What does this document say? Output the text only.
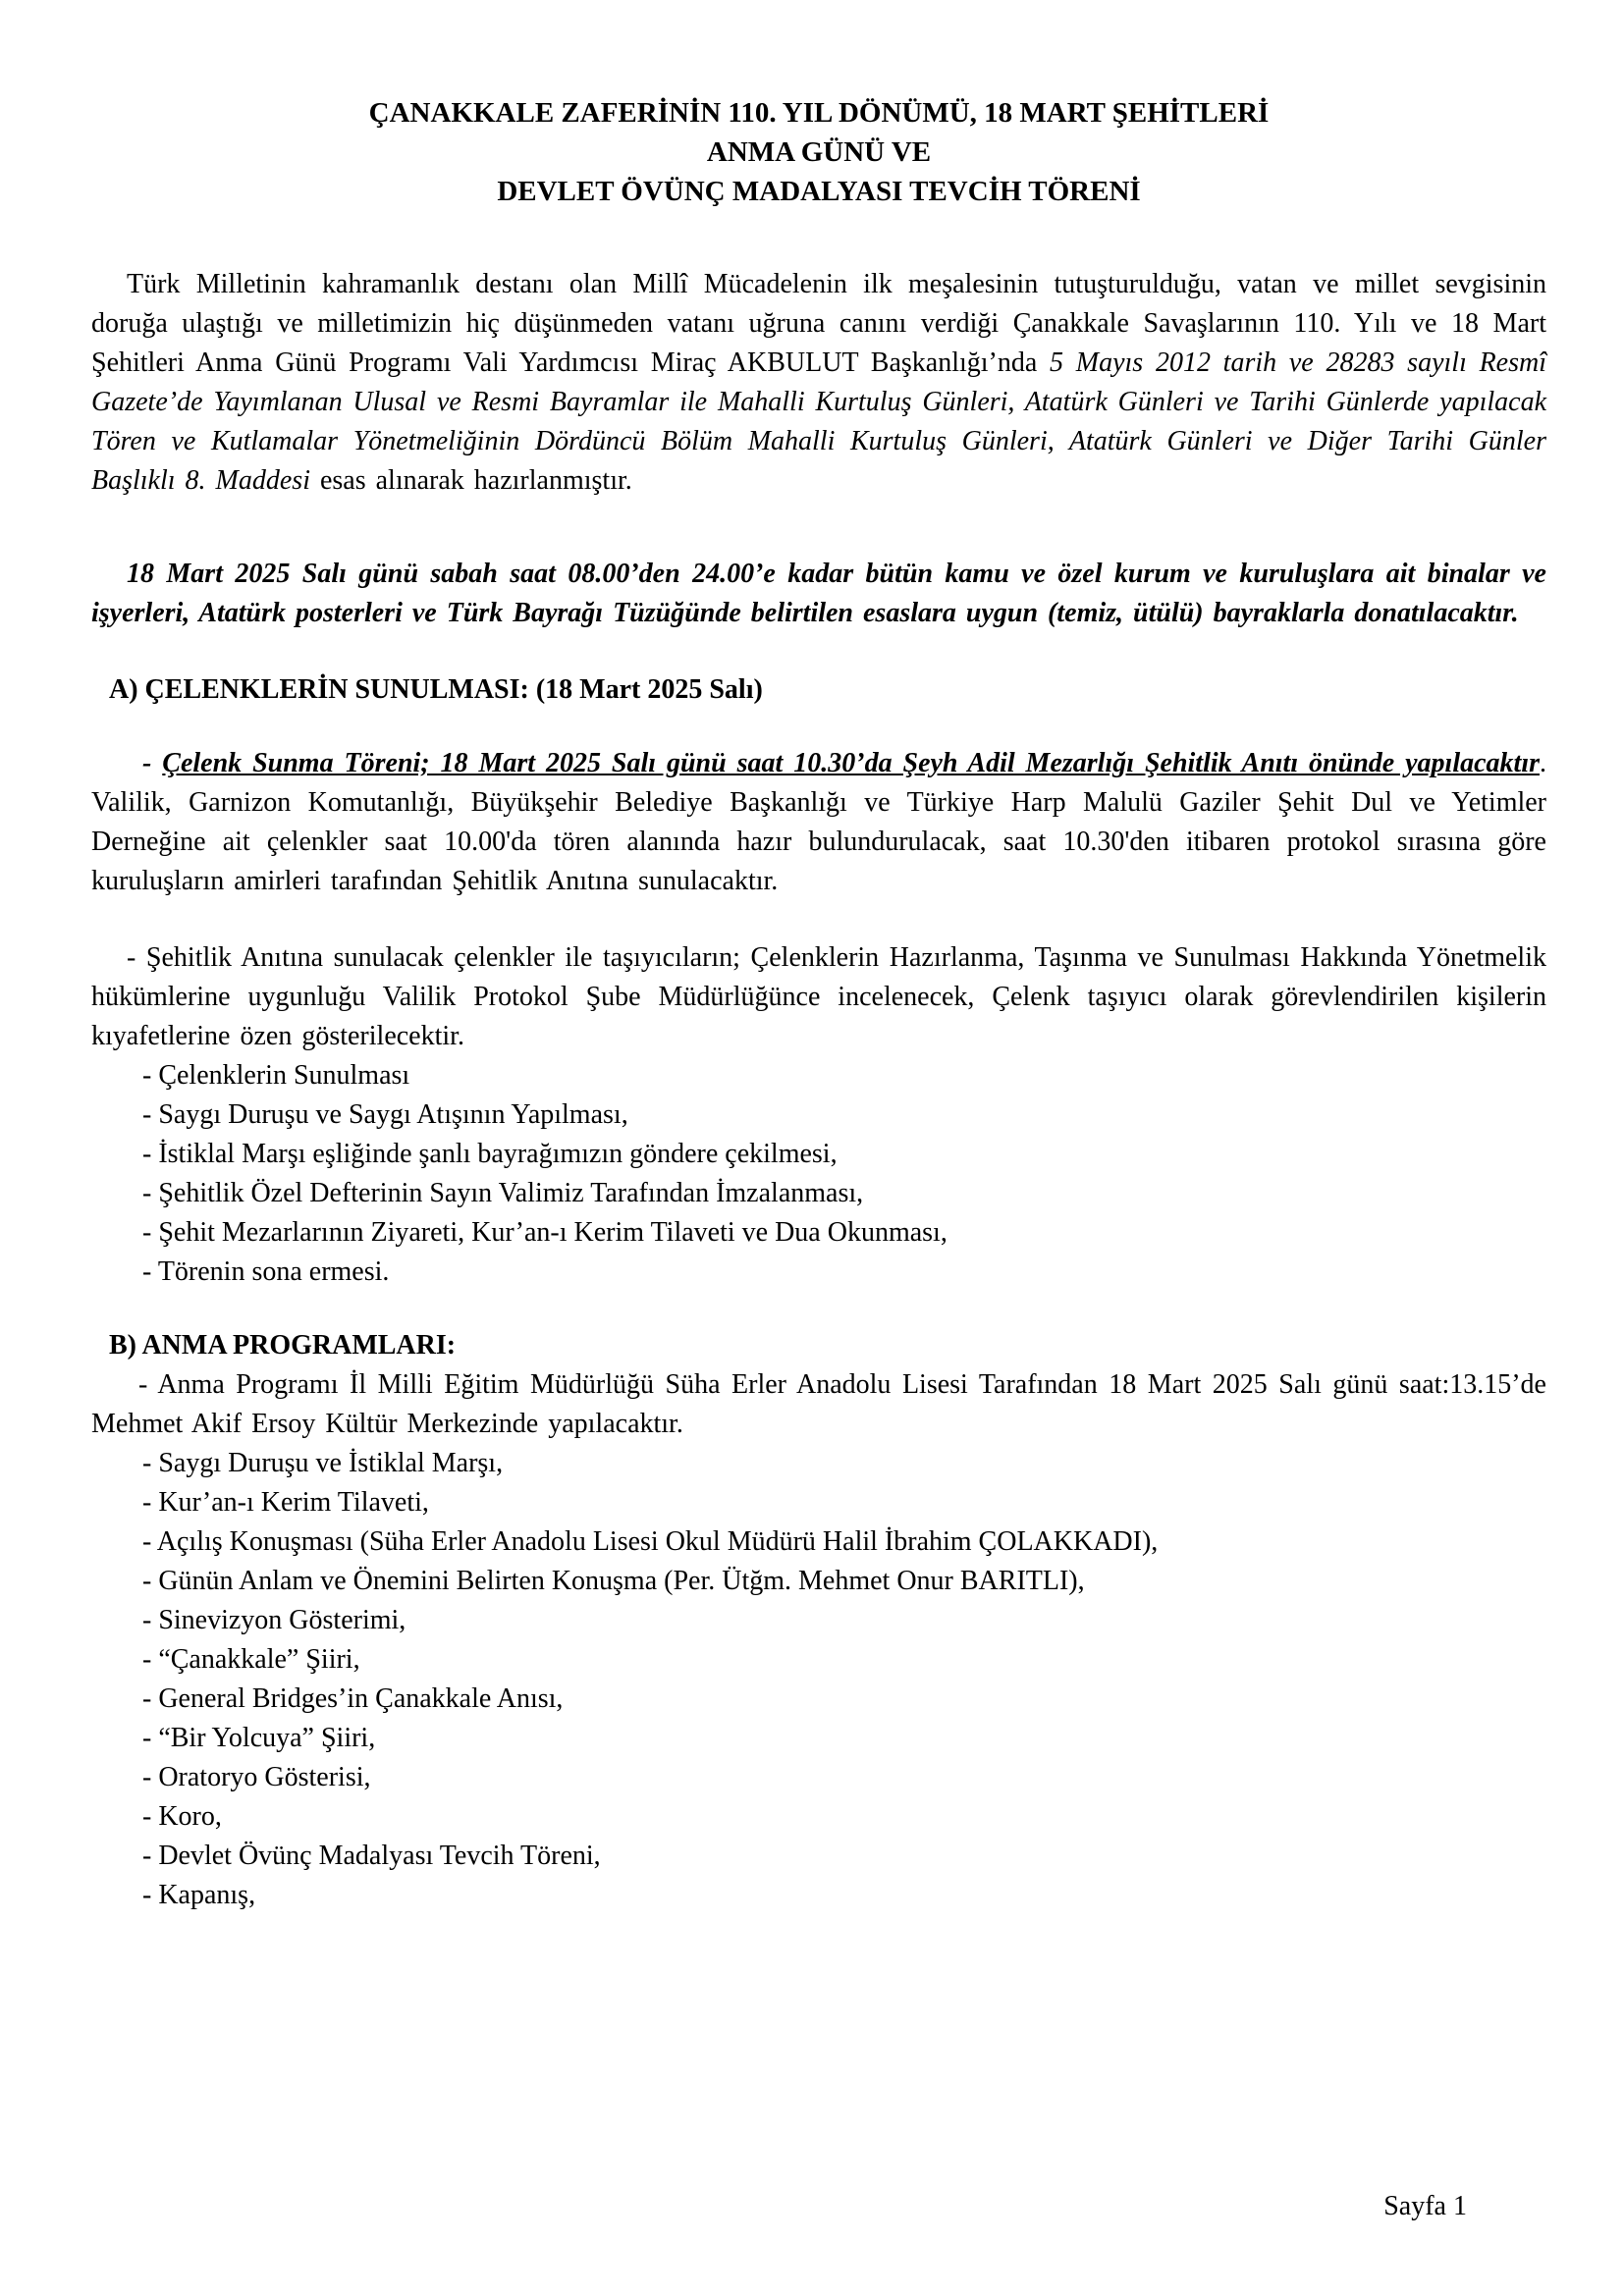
ÇANAKKALE ZAFERİNİN 110. YIL DÖNÜMÜ, 18 MART ŞEHİTLERİ
ANMA GÜNÜ VE
DEVLET ÖVÜNÇ MADALYASI TEVCİH TÖRENİ

Türk Milletinin kahramanlık destanı olan Millî Mücadelenin ilk meşalesinin tutuşturulduğu, vatan ve millet sevgisinin doruğa ulaştığı ve milletimizin hiç düşünmeden vatanı uğruna canını verdiği Çanakkale Savaşlarının 110. Yılı ve 18 Mart Şehitleri Anma Günü Programı Vali Yardımcısı Miraç AKBULUT Başkanlığı’nda 5 Mayıs 2012 tarih ve 28283 sayılı Resmî Gazete’de Yayımlanan Ulusal ve Resmi Bayramlar ile Mahalli Kurtuluş Günleri, Atatürk Günleri ve Tarihi Günlerde yapılacak Tören ve Kutlamalar Yönetmeliğinin Dördüncü Bölüm Mahalli Kurtuluş Günleri, Atatürk Günleri ve Diğer Tarihi Günler Başlıklı 8. Maddesi esas alınarak hazırlanmıştır.

18 Mart 2025 Salı günü sabah saat 08.00’den 24.00’e kadar bütün kamu ve özel kurum ve kuruluşlara ait binalar ve işyerleri, Atatürk posterleri ve Türk Bayrağı Tüzüğünde belirtilen esaslara uygun (temiz, ütülü) bayraklarla donatılacaktır.

A) ÇELENKLERİN SUNULMASI: (18 Mart 2025 Salı)

- Çelenk Sunma Töreni; 18 Mart 2025 Salı günü saat 10.30’da Şeyh Adil Mezarlığı Şehitlik Anıtı önünde yapılacaktır. Valilik, Garnizon Komutanlığı, Büyükşehir Belediye Başkanlığı ve Türkiye Harp Malulü Gaziler Şehit Dul ve Yetimler Derneğine ait çelenkler saat 10.00'da tören alanında hazır bulundurulacak, saat 10.30'den itibaren protokol sırasına göre kuruluşların amirleri tarafından Şehitlik Anıtına sunulacaktır.

- Şehitlik Anıtına sunulacak çelenkler ile taşıyıcıların; Çelenklerin Hazırlanma, Taşınma ve Sunulması Hakkında Yönetmelik hükümlerine uygunluğu Valilik Protokol Şube Müdürlüğünce incelenecek, Çelenk taşıyıcı olarak görevlendirilen kişilerin kıyafetlerine özen gösterilecektir.

- Çelenklerin Sunulması
- Saygı Duruşu ve Saygı Atışının Yapılması,
- İstiklal Marşı eşliğinde şanlı bayrağımızın göndere çekilmesi,
- Şehitlik Özel Defterinin Sayın Valimiz Tarafından İmzalanması,
- Şehit Mezarlarının Ziyareti, Kur’an-ı Kerim Tilaveti ve Dua Okunması,
- Törenin sona ermesi.
B) ANMA PROGRAMLARI:

- Anma Programı İl Milli Eğitim Müdürlüğü Süha Erler Anadolu Lisesi Tarafından 18 Mart 2025 Salı günü saat:13.15’de Mehmet Akif Ersoy Kültür Merkezinde yapılacaktır.

- Saygı Duruşu ve İstiklal Marşı,
- Kur’an-ı Kerim Tilaveti,
- Açılış Konuşması (Süha Erler Anadolu Lisesi Okul Müdürü Halil İbrahim ÇOLAKKADI),
- Günün Anlam ve Önemini Belirten Konuşma (Per. Ütğm. Mehmet Onur BARITLI),
- Sinevizyon Gösterimi,
- “Çanakkale” Şiiri,
- General Bridges’in Çanakkale Anısı,
- “Bir Yolcuya” Şiiri,
- Oratoryo Gösterisi,
- Koro,
- Devlet Övünç Madalyası Tevcih Töreni,
- Kapanış,
Sayfa 1
